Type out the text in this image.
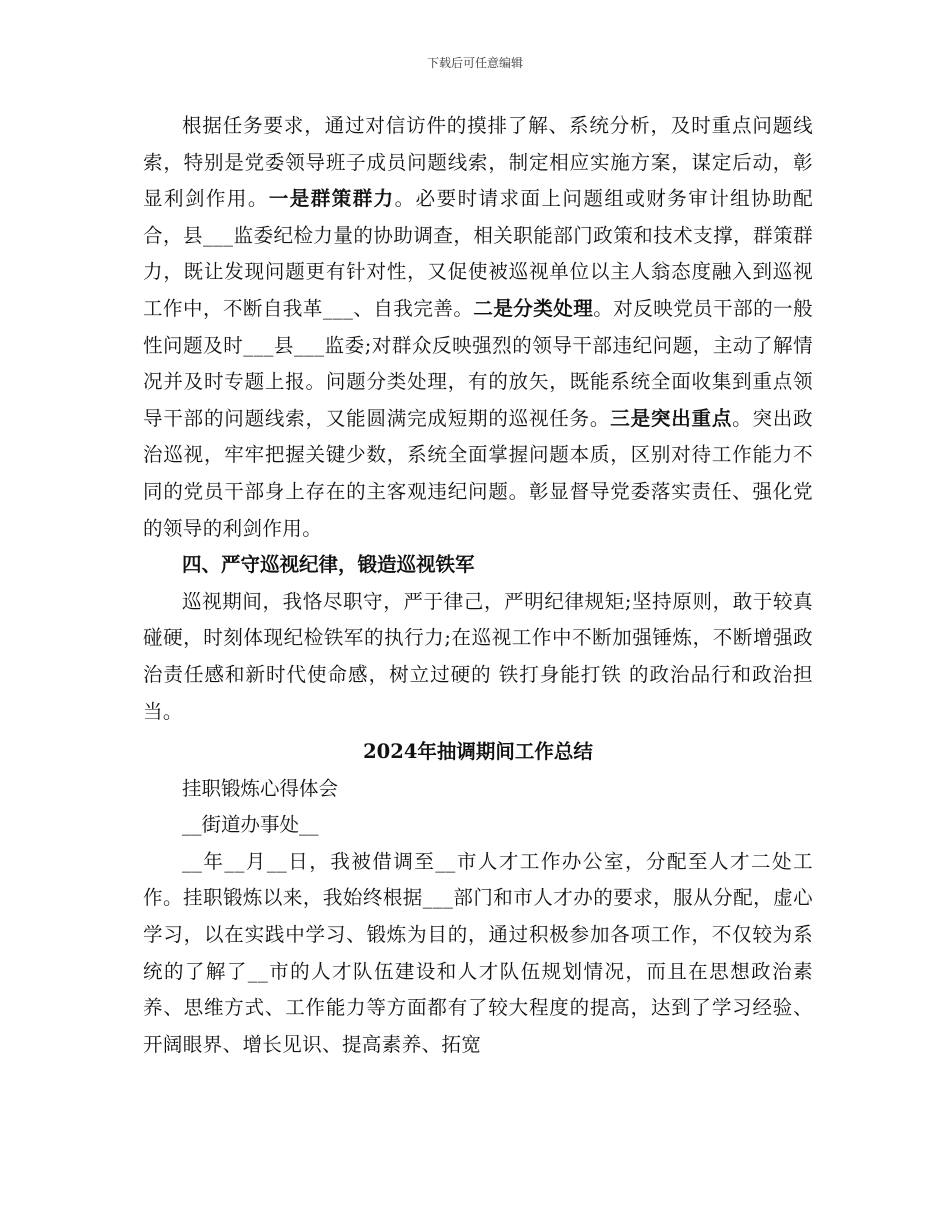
下载后可任意编辑

根据任务要求，通过对信访件的摸排了解、系统分析，及时重点问题线索，特别是党委领导班子成员问题线索，制定相应实施方案，谋定后动，彰显利剑作用。一是群策群力。必要时请求面上问题组或财务审计组协助配合，县___监委纪检力量的协助调查，相关职能部门政策和技术支撑，群策群力，既让发现问题更有针对性，又促使被巡视单位以主人翁态度融入到巡视工作中，不断自我革___、自我完善。二是分类处理。对反映党员干部的一般性问题及时___县___监委;对群众反映强烈的领导干部违纪问题，主动了解情况并及时专题上报。问题分类处理，有的放矢，既能系统全面收集到重点领导干部的问题线索，又能圆满完成短期的巡视任务。三是突出重点。突出政治巡视，牢牢把握关键少数，系统全面掌握问题本质，区别对待工作能力不同的党员干部身上存在的主客观违纪问题。彰显督导党委落实责任、强化党的领导的利剑作用。

四、严守巡视纪律，锻造巡视铁军

巡视期间，我恪尽职守，严于律己，严明纪律规矩;坚持原则，敢于较真碰硬，时刻体现纪检铁军的执行力;在巡视工作中不断加强锤炼，不断增强政治责任感和新时代使命感，树立过硬的 铁打身能打铁 的政治品行和政治担当。

2024年抽调期间工作总结

挂职锻炼心得体会

__街道办事处__

__年__月__日，我被借调至__市人才工作办公室，分配至人才二处工作。挂职锻炼以来，我始终根据___部门和市人才办的要求，服从分配，虚心学习，以在实践中学习、锻炼为目的，通过积极参加各项工作，不仅较为系统的了解了__市的人才队伍建设和人才队伍规划情况，而且在思想政治素养、思维方式、工作能力等方面都有了较大程度的提高，达到了学习经验、开阔眼界、增长见识、提高素养、拓宽
